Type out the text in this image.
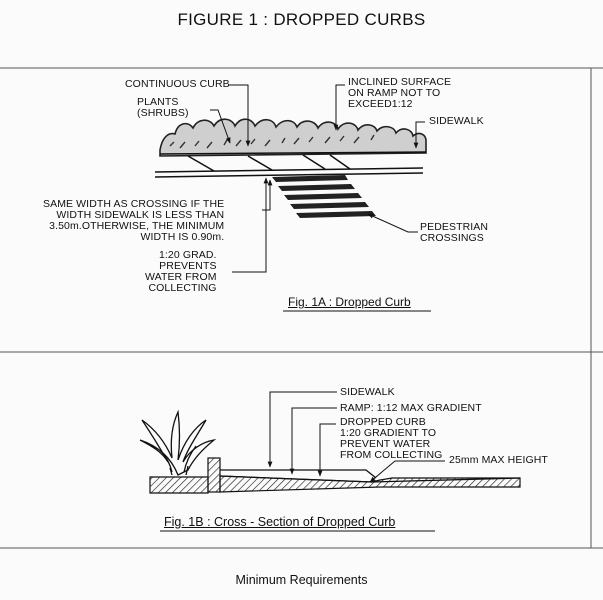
FIGURE 1 : DROPPED CURBS
CONTINUOUS CURB
PLANTS
(SHRUBS)
INCLINED SURFACE
ON RAMP NOT TO
EXCEED1:12
SIDEWALK
SAME WIDTH AS CROSSING IF THE
WIDTH SIDEWALK IS LESS THAN
3.50m.OTHERWISE, THE MINIMUM
WIDTH IS 0.90m.
PEDESTRIAN
CROSSINGS
1:20 GRAD.
PREVENTS
WATER FROM
COLLECTING
Fig. 1A : Dropped Curb
SIDEWALK
RAMP: 1:12 MAX GRADIENT
DROPPED CURB
1:20 GRADIENT TO
PREVENT WATER
FROM COLLECTING 25mm MAX HEIGHT
Fig. 1B : Cross - Section of Dropped Curb
Minimum Requirements
